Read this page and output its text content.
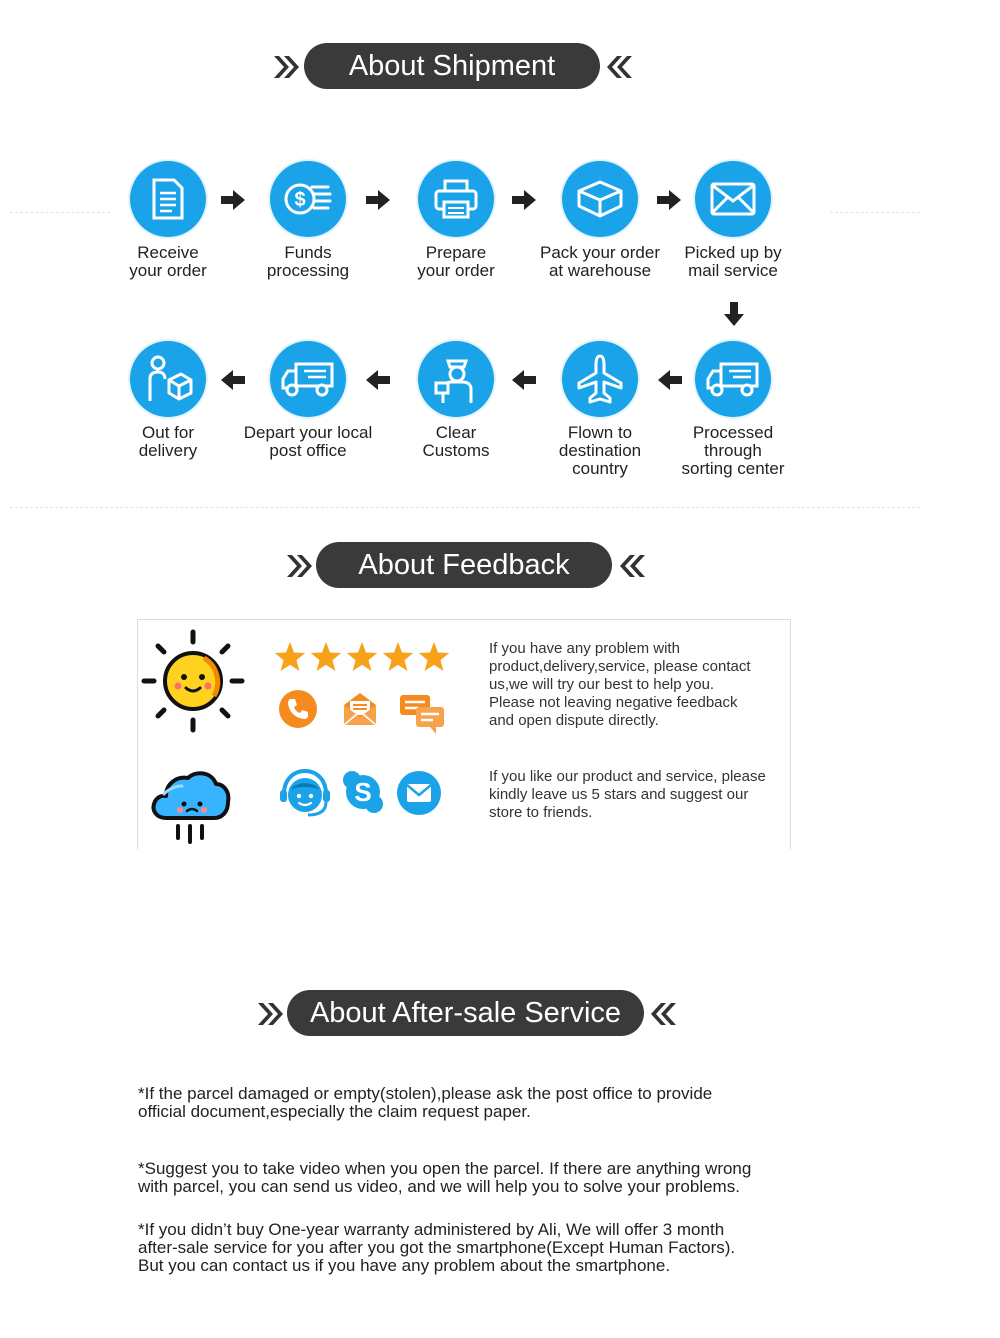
About Shipment
Receive
your order
$
Funds
processing
Prepare
your order
Pack your order
at warehouse
Picked up by
mail service
Processed
through
sorting center
Flown to
destination
country
Clear
Customs
Depart your local
post office
Out for
delivery
About Feedback
If you have any problem with
product,delivery,service, please contact
us,we will try our best to help you.
Please not leaving negative feedback
and open dispute directly.
S
If you like our product and service, please
kindly leave us 5 stars and suggest our
store to friends.
About After-sale Service
*If the parcel damaged or empty(stolen),please ask the post office to provide
official document,especially the claim request paper.
*Suggest you to take video when you open the parcel. If there are anything wrong
with parcel, you can send us video, and we will help you to solve your problems.
*If you didn’t buy One-year warranty administered by Ali, We will offer 3 month
after-sale service for you after you got the smartphone(Except Human Factors).
But you can contact us if you have any problem about the smartphone.
